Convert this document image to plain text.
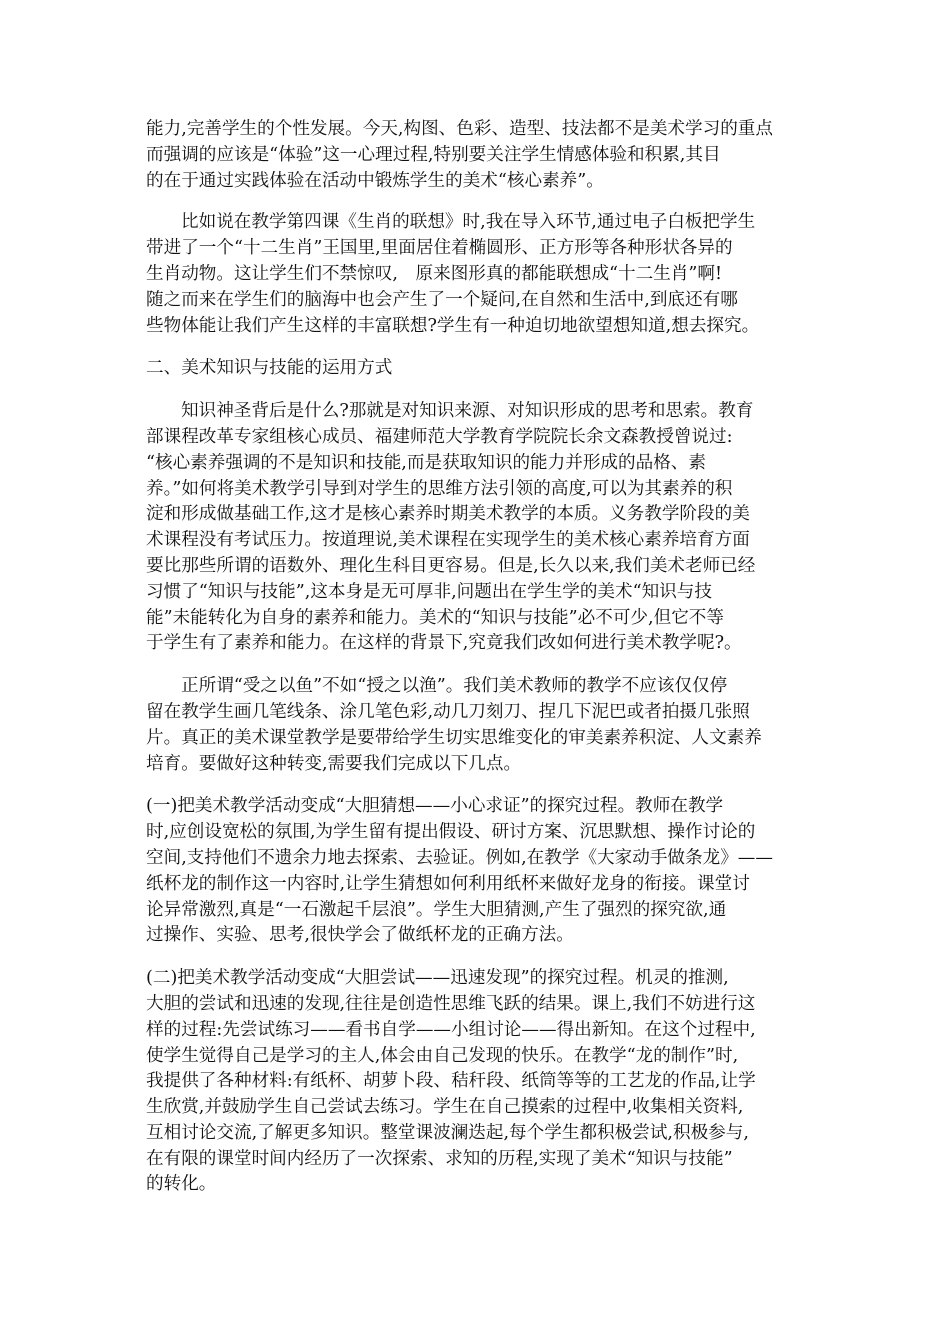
能力,完善学生的个性发展。今天,构图、色彩、造型、技法都不是美术学习的重点
而强调的应该是“体验”这一心理过程,特别要关注学生情感体验和积累,其目
的在于通过实践体验在活动中锻炼学生的美术“核心素养”。
比如说在教学第四课《生肖的联想》时,我在导入环节,通过电子白板把学生
带进了一个“十二生肖”王国里,里面居住着椭圆形、正方形等各种形状各异的
生肖动物。这让学生们不禁惊叹,　原来图形真的都能联想成“十二生肖”啊!
随之而来在学生们的脑海中也会产生了一个疑问,在自然和生活中,到底还有哪
些物体能让我们产生这样的丰富联想?学生有一种迫切地欲望想知道,想去探究。
二、美术知识与技能的运用方式
知识神圣背后是什么?那就是对知识来源、对知识形成的思考和思索。教育
部课程改革专家组核心成员、福建师范大学教育学院院长余文森教授曾说过:
“核心素养强调的不是知识和技能,而是获取知识的能力并形成的品格、素
养。”如何将美术教学引导到对学生的思维方法引领的高度,可以为其素养的积
淀和形成做基础工作,这才是核心素养时期美术教学的本质。义务教学阶段的美
术课程没有考试压力。按道理说,美术课程在实现学生的美术核心素养培育方面
要比那些所谓的语数外、理化生科目更容易。但是,长久以来,我们美术老师已经
习惯了“知识与技能”,这本身是无可厚非,问题出在学生学的美术“知识与技
能”未能转化为自身的素养和能力。美术的“知识与技能”必不可少,但它不等
于学生有了素养和能力。在这样的背景下,究竟我们改如何进行美术教学呢?。
正所谓“受之以鱼”不如“授之以渔”。我们美术教师的教学不应该仅仅停
留在教学生画几笔线条、涂几笔色彩,动几刀刻刀、捏几下泥巴或者拍摄几张照
片。真正的美术课堂教学是要带给学生切实思维变化的审美素养积淀、人文素养
培育。要做好这种转变,需要我们完成以下几点。
(一)把美术教学活动变成“大胆猜想——小心求证”的探究过程。教师在教学
时,应创设宽松的氛围,为学生留有提出假设、研讨方案、沉思默想、操作讨论的
空间,支持他们不遗余力地去探索、去验证。例如,在教学《大家动手做条龙》——
纸杯龙的制作这一内容时,让学生猜想如何利用纸杯来做好龙身的衔接。课堂讨
论异常激烈,真是“一石激起千层浪”。学生大胆猜测,产生了强烈的探究欲,通
过操作、实验、思考,很快学会了做纸杯龙的正确方法。
(二)把美术教学活动变成“大胆尝试——迅速发现”的探究过程。机灵的推测,
大胆的尝试和迅速的发现,往往是创造性思维飞跃的结果。课上,我们不妨进行这
样的过程:先尝试练习——看书自学——小组讨论——得出新知。在这个过程中,
使学生觉得自己是学习的主人,体会由自己发现的快乐。在教学“龙的制作”时,
我提供了各种材料:有纸杯、胡萝卜段、秸秆段、纸筒等等的工艺龙的作品,让学
生欣赏,并鼓励学生自己尝试去练习。学生在自己摸索的过程中,收集相关资料,
互相讨论交流,了解更多知识。整堂课波澜迭起,每个学生都积极尝试,积极参与,
在有限的课堂时间内经历了一次探索、求知的历程,实现了美术“知识与技能”
的转化。
